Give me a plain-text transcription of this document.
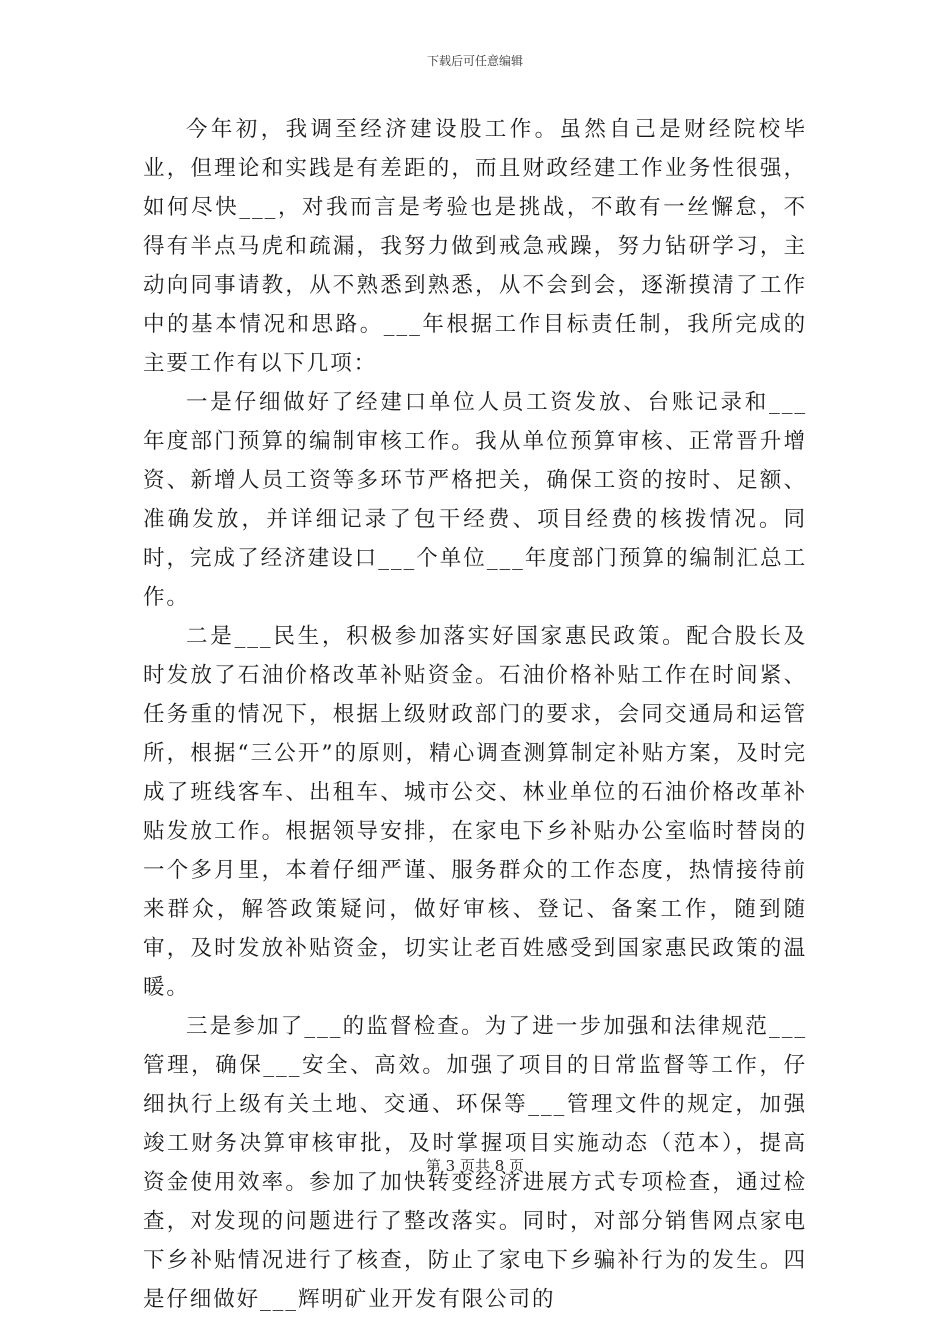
下载后可任意编辑

今年初，我调至经济建设股工作。虽然自己是财经院校毕业，但理论和实践是有差距的，而且财政经建工作业务性很强，如何尽快___，对我而言是考验也是挑战，不敢有一丝懈怠，不得有半点马虎和疏漏，我努力做到戒急戒躁，努力钻研学习，主动向同事请教，从不熟悉到熟悉，从不会到会，逐渐摸清了工作中的基本情况和思路。___年根据工作目标责任制，我所完成的主要工作有以下几项：

一是仔细做好了经建口单位人员工资发放、台账记录和___年度部门预算的编制审核工作。我从单位预算审核、正常晋升增资、新增人员工资等多环节严格把关，确保工资的按时、足额、准确发放，并详细记录了包干经费、项目经费的核拨情况。同时，完成了经济建设口___个单位___年度部门预算的编制汇总工作。

二是___民生，积极参加落实好国家惠民政策。配合股长及时发放了石油价格改革补贴资金。石油价格补贴工作在时间紧、任务重的情况下，根据上级财政部门的要求，会同交通局和运管所，根据“三公开”的原则，精心调查测算制定补贴方案，及时完成了班线客车、出租车、城市公交、林业单位的石油价格改革补贴发放工作。根据领导安排，在家电下乡补贴办公室临时替岗的一个多月里，本着仔细严谨、服务群众的工作态度，热情接待前来群众，解答政策疑问，做好审核、登记、备案工作，随到随审，及时发放补贴资金，切实让老百姓感受到国家惠民政策的温暖。

三是参加了___的监督检查。为了进一步加强和法律规范___管理，确保___安全、高效。加强了项目的日常监督等工作，仔细执行上级有关土地、交通、环保等___管理文件的规定，加强竣工财务决算审核审批，及时掌握项目实施动态（范本），提高资金使用效率。参加了加快转变经济进展方式专项检查，通过检查，对发现的问题进行了整改落实。同时，对部分销售网点家电下乡补贴情况进行了核查，防止了家电下乡骗补行为的发生。四是仔细做好___辉明矿业开发有限公司的

第 3 页共 8 页
